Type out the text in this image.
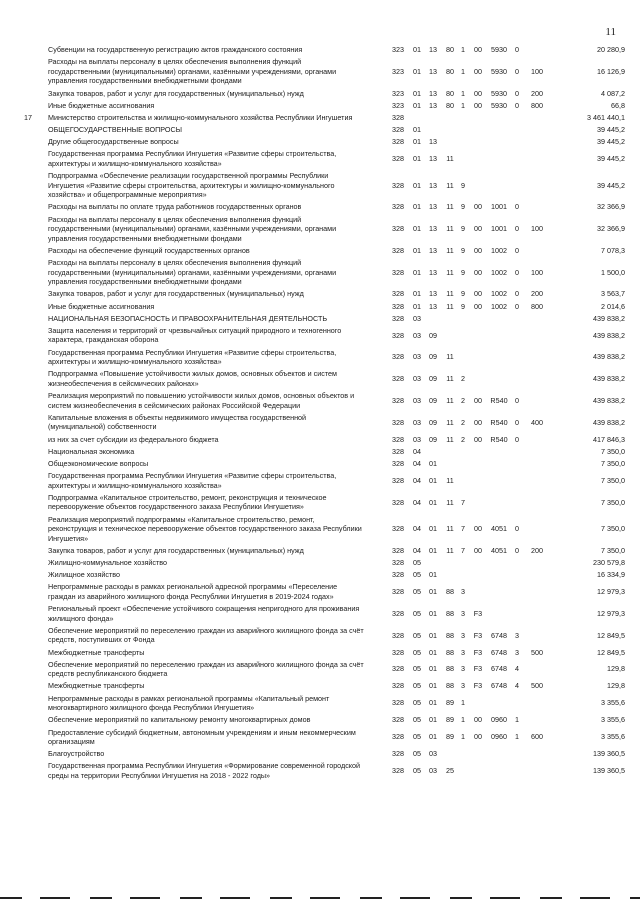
11
Субвенции на государственную регистрацию актов гражданского состояния	323	01 13	80 1	00	5930	0	20 280,9
Расходы на выплаты персоналу в целях обеспечения выполнения функций
государственными (муниципальными) органами, казёнными учреждениями, органами
управления государственными внебюджетными фондами
323	01 13	80 1	00	5930	0	100	16 126,9
Закупка товаров, работ и услуг для государственных (муниципальных) нужд	323	01 13	80 1	00	5930	0	200	4 087,2
Иные бюджетные ассигнования	323	01 13	80 1	00	5930	0	800	66,8
17 Министерство строительства и жилищно-коммунального хозяйства Республики Ингушетия	328	3 461 440,1
ОБЩЕГОСУДАРСТВЕННЫЕ ВОПРОСЫ	328	01	39 445,2
Другие общегосударственные вопросы	328	01 13	39 445,2
Государственная программа Республики Ингушетия «Развитие сферы строительства,
архитектуры и жилищно-коммунального хозяйства»
328	01 13	11	39 445,2
Подпрограмма «Обеспечение реализации государственной программы Республики
Ингушетия «Развитие сферы строительства, архитектуры и жилищно-коммунального
хозяйства» и общепрограммные мероприятия»
328	01 13	11	9	39 445,2
Расходы на выплаты по оплате труда работников государственных органов	328	01 13	11	9	00	1001	0	32 366,9
Расходы на выплаты персоналу в целях обеспечения выполнения функций
государственными (муниципальными) органами, казёнными учреждениями, органами
управления государственными внебюджетными фондами
328	01 13	11	9	00	1001	0	100	32 366,9
Расходы на обеспечение функций государственных органов	328	01 13	11	9	00	1002	0	7 078,3
Расходы на выплаты персоналу в целях обеспечения выполнения функций
государственными (муниципальными) органами, казёнными учреждениями, органами
управления государственными внебюджетными фондами
328	01 13	11	9	00	1002	0	100	1 500,0
Закупка товаров, работ и услуг для государственных (муниципальных) нужд	328	01 13	11	9	00	1002	0	200	3 563,7
Иные бюджетные ассигнования	328	01 13	11	9	00	1002	0	800	2 014,6
НАЦИОНАЛЬНАЯ БЕЗОПАСНОСТЬ И ПРАВООХРАНИТЕЛЬНАЯ ДЕЯТЕЛЬНОСТЬ	328	03	439 838,2
Защита населения и территорий от чрезвычайных ситуаций природного и техногенного
характера, гражданская оборона
328	03 09	439 838,2
Государственная программа Республики Ингушетия «Развитие сферы строительства,
архитектуры и жилищно-коммунального хозяйства»
328	03 09	11	439 838,2
Подпрограмма «Повышение устойчивости жилых домов, основных объектов и систем
жизнеобеспечения в сейсмических районах»
328	03 09	11	2	439 838,2
Реализация мероприятий по повышению устойчивости жилых домов, основных объектов и
систем жизнеобеспечения в сейсмических районах Российской Федерации
328	03 09	11	2	00	R540	0	439 838,2
Капитальные вложения в объекты недвижимого имущества государственной
(муниципальной) собственности
328	03 09	11	2	00	R540	0	400	439 838,2
из них за счет субсидии из федерального бюджета	328	03 09	11	2	00	R540	0	417 846,3
Национальная экономика	328	04	7 350,0
Общеэкономические вопросы	328	04 01	7 350,0
Государственная программа Республики Ингушетия «Развитие сферы строительства,
архитектуры и жилищно-коммунального хозяйства»
328	04 01	11	7 350,0
Подпрограмма «Капитальное строительство, ремонт, реконструкция и техническое
перевооружение объектов государственного заказа Республики Ингушетия»
328	04 01	11	7	7 350,0
Реализация мероприятий подпрограммы «Капитальное строительство, ремонт,
реконструкция и техническое перевооружение объектов государственного заказа Республики
Ингушетия»
328	04 01	11	7	00	4051	0	7 350,0
Закупка товаров, работ и услуг для государственных (муниципальных) нужд	328	04 01	11	7	00	4051	0	200	7 350,0
Жилищно-коммунальное хозяйство	328	05	230 579,8
Жилищное хозяйство	328	05 01	16 334,9
Непрограммные расходы в рамках региональной адресной программы «Переселение
граждан из аварийного жилищного фонда Республики Ингушетия в 2019-2024 годах»
328	05 01	88 3	12 979,3
Региональный проект «Обеспечение устойчивого сокращения непригодного для проживания
жилищного фонда»
328	05 01	88 3	F3	12 979,3
Обеспечение мероприятий по переселению граждан из аварийного жилищного фонда за счёт
средств, поступивших от Фонда
328	05 01	88 3	F3	6748	3	12 849,5
Межбюджетные трансферты	328	05 01	88 3	F3	6748	3	500	12 849,5
Обеспечение мероприятий по переселению граждан из аварийного жилищного фонда за счёт
средств республиканского бюджета
328	05 01	88 3	F3	6748	4	129,8
Межбюджетные трансферты	328	05 01	88 3	F3	6748	4	500	129,8
Непрограммные расходы в рамках региональной программы «Капитальный ремонт
многоквартирного жилищного фонда Республики Ингушетия»
328	05 01	89 1	3 355,6
Обеспечение мероприятий по капитальному ремонту многоквартирных домов	328	05 01	89 1	00	0960	1	3 355,6
Предоставление субсидий бюджетным, автономным учреждениям и иным некоммерческим
организациям
328	05 01	89 1	00	0960	1	600	3 355,6
Благоустройство	328	05 03	139 360,5
Государственная программа Республики Ингушетия «Формирование современной городской
среды на территории Республики Ингушетия на 2018 - 2022 годы»
328	05 03	25	139 360,5
